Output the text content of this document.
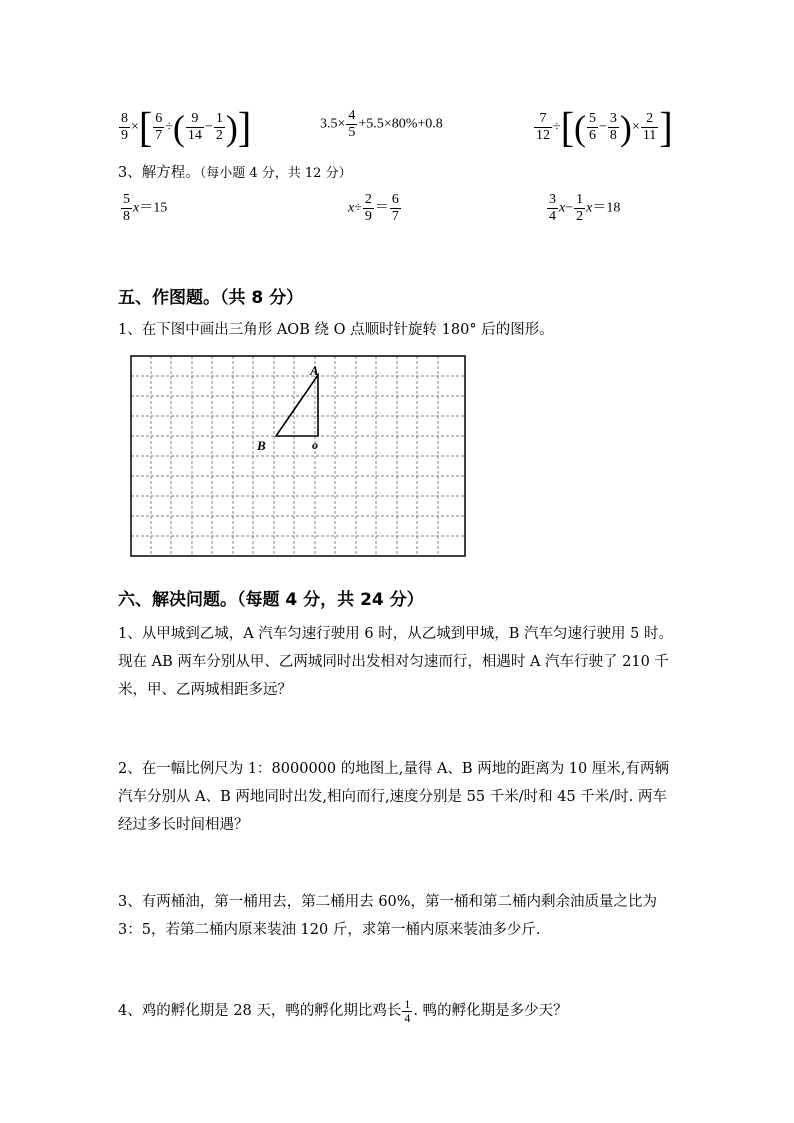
$\frac{8}{9}$ ×[ $\frac{6}{7}$ ÷( $\frac{9}{14} - \frac{1}{2}$ )]	$3.5\times \frac{4}{5} +5.5\times 80\%+0.8$	$\frac{7}{12}$ ÷[( $\frac{5}{6} - \frac{3}{8}$ )× $\frac{2}{11}$ ]
3、解方程。（每小题 4 分，共 12 分）
$\frac{5}{8} x=15$	$x\div \frac{2}{9} = \frac{6}{7}$	$\frac{3}{4} x- \frac{1}{2} x=18$
五、作图题。（共 8 分）
1、在下图中画出三角形 AOB 绕 O 点顺时针旋转 180° 后的图形。
A
B	o
六、解决问题。（每题 4 分，共 24 分）
1、从甲城到乙城，A 汽车匀速行驶用 6 时，从乙城到甲城，B 汽车匀速行驶用 5 时。现在 AB 两车分别从甲、乙两城同时出发相对匀速而行，相遇时 A 汽车行驶了 210 千米，甲、乙两城相距多远？
2、在一幅比例尺为 1：8000000 的地图上,量得 A、B 两地的距离为 10 厘米,有两辆汽车分别从 A、B 两地同时出发,相向而行,速度分别是 55 千米/时和 45 千米/时. 两车经过多长时间相遇？
3、有两桶油，第一桶用去，第二桶用去 60%，第一桶和第二桶内剩余油质量之比为 3：5，若第二桶内原来装油 120 斤，求第一桶内原来装油多少斤.
4、鸡的孵化期是 28 天，鸭的孵化期比鸡长 $\frac{1}{4}$ . 鸭的孵化期是多少天？
